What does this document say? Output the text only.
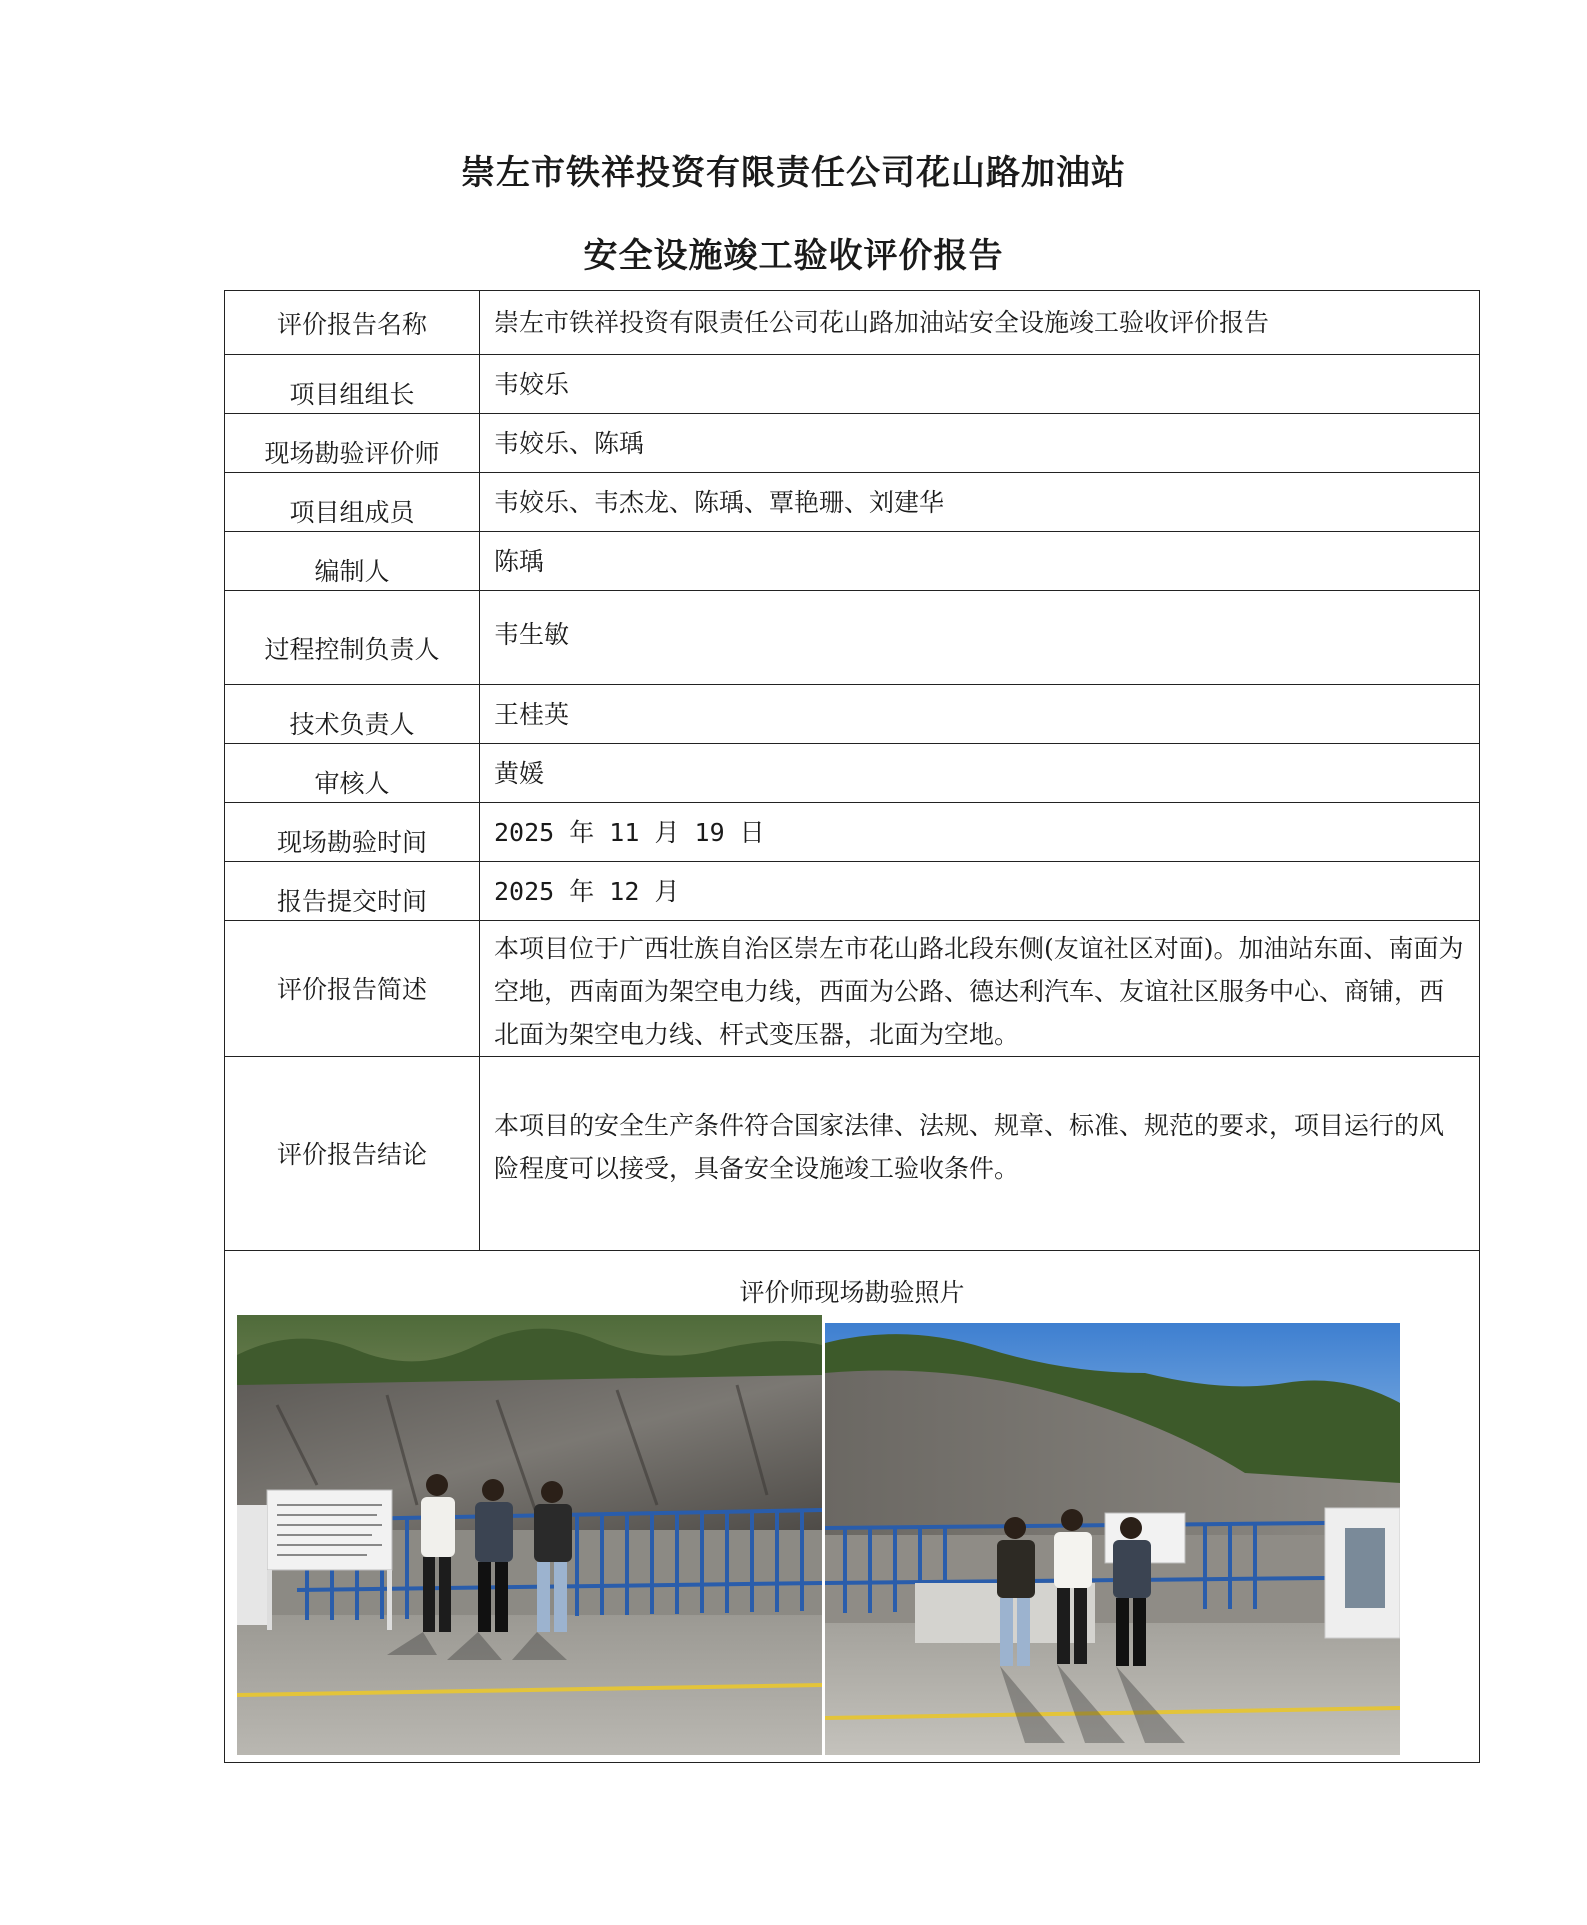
崇左市铁祥投资有限责任公司花山路加油站
安全设施竣工验收评价报告
评价报告名称	崇左市铁祥投资有限责任公司花山路加油站安全设施竣工验收评价报告
项目组组长	韦姣乐
现场勘验评价师	韦姣乐、陈瑀
项目组成员	韦姣乐、韦杰龙、陈瑀、覃艳珊、刘建华
编制人	陈瑀
过程控制负责人	韦生敏
技术负责人	王桂英
审核人	黄媛
现场勘验时间	2025 年 11 月 19 日
报告提交时间	2025 年 12 月
评价报告简述	本项目位于广西壮族自治区崇左市花山路北段东侧(友谊社区对面)。加油站东面、南面为空地，西南面为架空电力线，西面为公路、德达利汽车、友谊社区服务中心、商铺，西北面为架空电力线、杆式变压器，北面为空地。
评价报告结论	本项目的安全生产条件符合国家法律、法规、规章、标准、规范的要求，项目运行的风险程度可以接受，具备安全设施竣工验收条件。

评价师现场勘验照片	
